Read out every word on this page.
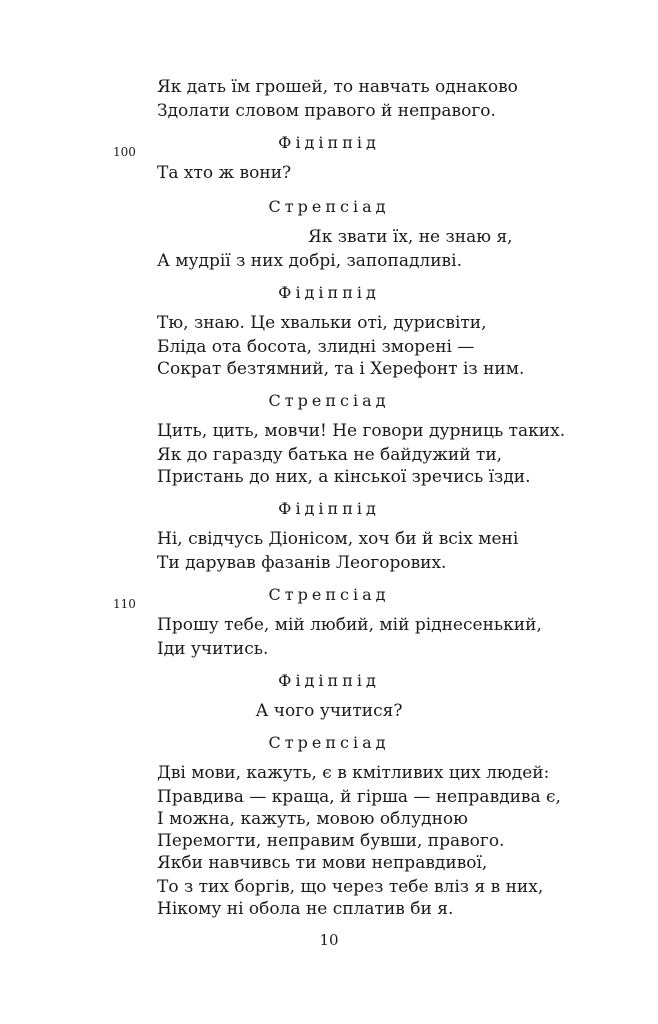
Як дать їм грошей, то навчать однаково
Здолати словом правого й неправого.
Фідіппід
100
Та хто ж вони?
Стрепсіад
Як звати їх, не знаю я,
А мудрії з них добрі, запопадливі.
Фідіппід
Тю, знаю. Це хвальки оті, дурисвіти,
Бліда ота босота, злидні зморені —
Сократ безтямний, та і Херефонт із ним.
Стрепсіад
Цить, цить, мовчи! Не говори дурниць таких.
Як до гаразду батька не байдужий ти,
Пристань до них, а кінської зречись їзди.
Фідіппід
Ні, свідчусь Діонісом, хоч би й всіх мені
Ти дарував фазанів Леогорових.
Стрепсіад
110
Прошу тебе, мій любий, мій ріднесенький,
Іди учитись.
Фідіппід
А чого учитися?
Стрепсіад
Дві мови, кажуть, є в кмітливих цих людей:
Правдива — краща, й гірша — неправдива є,
І можна, кажуть, мовою облудною
Перемогти, неправим бувши, правого.
Якби навчивсь ти мови неправдивої,
То з тих боргів, що через тебе вліз я в них,
Нікому ні обола не сплатив би я.
10
